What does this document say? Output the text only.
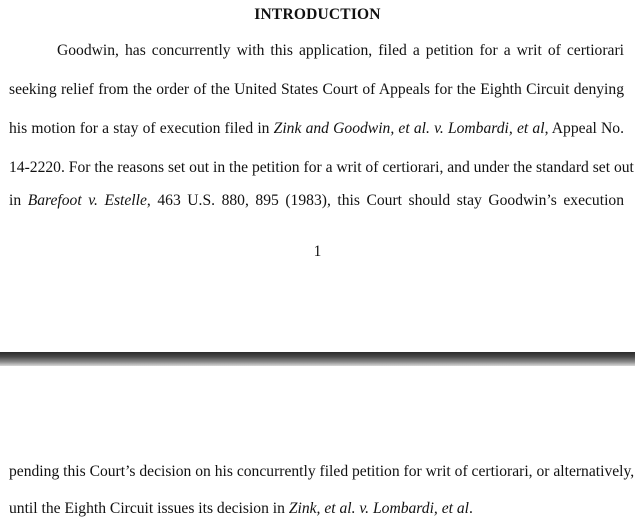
INTRODUCTION
Goodwin, has concurrently with this application, filed a petition for a writ of certiorari
seeking relief from the order of the United States Court of Appeals for the Eighth Circuit denying
his motion for a stay of execution filed in Zink and Goodwin, et al. v. Lombardi, et al, Appeal No.
14-2220. For the reasons set out in the petition for a writ of certiorari, and under the standard set out
in Barefoot v. Estelle, 463 U.S. 880, 895 (1983), this Court should stay Goodwin’s execution
1
pending this Court’s decision on his concurrently filed petition for writ of certiorari, or alternatively,
until the Eighth Circuit issues its decision in Zink, et al. v. Lombardi, et al.
